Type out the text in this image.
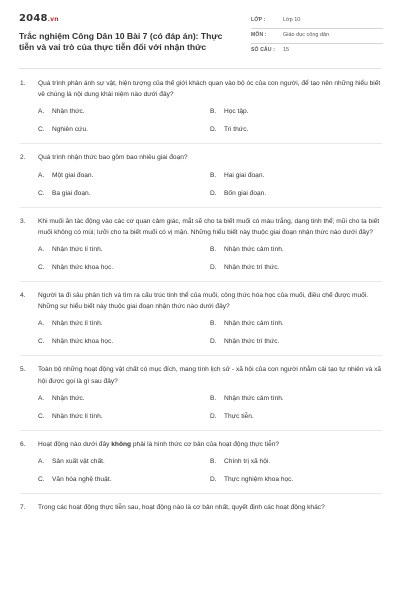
2048.vn
Trắc nghiệm Công Dân 10 Bài 7 (có đáp án): Thực tiễn và vai trò của thực tiễn đối với nhận thức
LỚP :	Lớp 10
MÔN :	Giáo dục công dân
SỐ CÂU : 15
1. Quá trình phản ánh sự vật, hiện tượng của thế giới khách quan vào bộ óc của con người, để tạo nên những hiểu biết về chúng là nội dung khái niệm nào dưới đây?
A. Nhận thức.	B. Học tập.
C. Nghiên cứu.	D. Tri thức.
2. Quá trình nhận thức bao gồm bao nhiêu giai đoạn?
A. Một giai đoạn.	B. Hai giai đoạn.
C. Ba giai đoạn.	D. Bốn giai đoạn.
3. Khi muối ăn tác động vào các cơ quan cảm giác, mắt sẽ cho ta biết muối có màu trắng, dạng tinh thể; mũi cho ta biết muối không có mùi; lưỡi cho ta biết muối có vị mặn. Những hiểu biết này thuộc giai đoạn nhận thức nào dưới đây?
A. Nhận thức lí tính.	B. Nhận thức cảm tính.
C. Nhận thức khoa học.	D. Nhận thức trí thức.
4. Người ta đi sâu phân tích và tìm ra cấu trúc tinh thể của muối, công thức hóa học của muối, điều chế được muối. Những sự hiểu biết này thuộc giai đoạn nhận thức nào dưới đây?
A. Nhận thức lí tính.	B. Nhận thức cảm tính.
C. Nhận thức khoa học.	D. Nhận thức trí thức.
5. Toàn bộ những hoạt động vật chất có mục đích, mang tính lịch sử - xã hội của con người nhằm cải tạo tự nhiên và xã hội được gọi là gì sau đây?
A. Nhận thức.	B. Nhận thức cảm tính.
C. Nhận thức lí tính.	D. Thực tiễn.
6. Hoạt động nào dưới đây không phải là hình thức cơ bản của hoạt động thực tiễn?
A. Sản xuất vật chất.	B. Chính trị xã hội.
C. Văn hóa nghệ thuật.	D. Thực nghiệm khoa học.
7. Trong các hoạt động thực tiễn sau, hoạt động nào là cơ bản nhất, quyết định các hoạt động khác?
